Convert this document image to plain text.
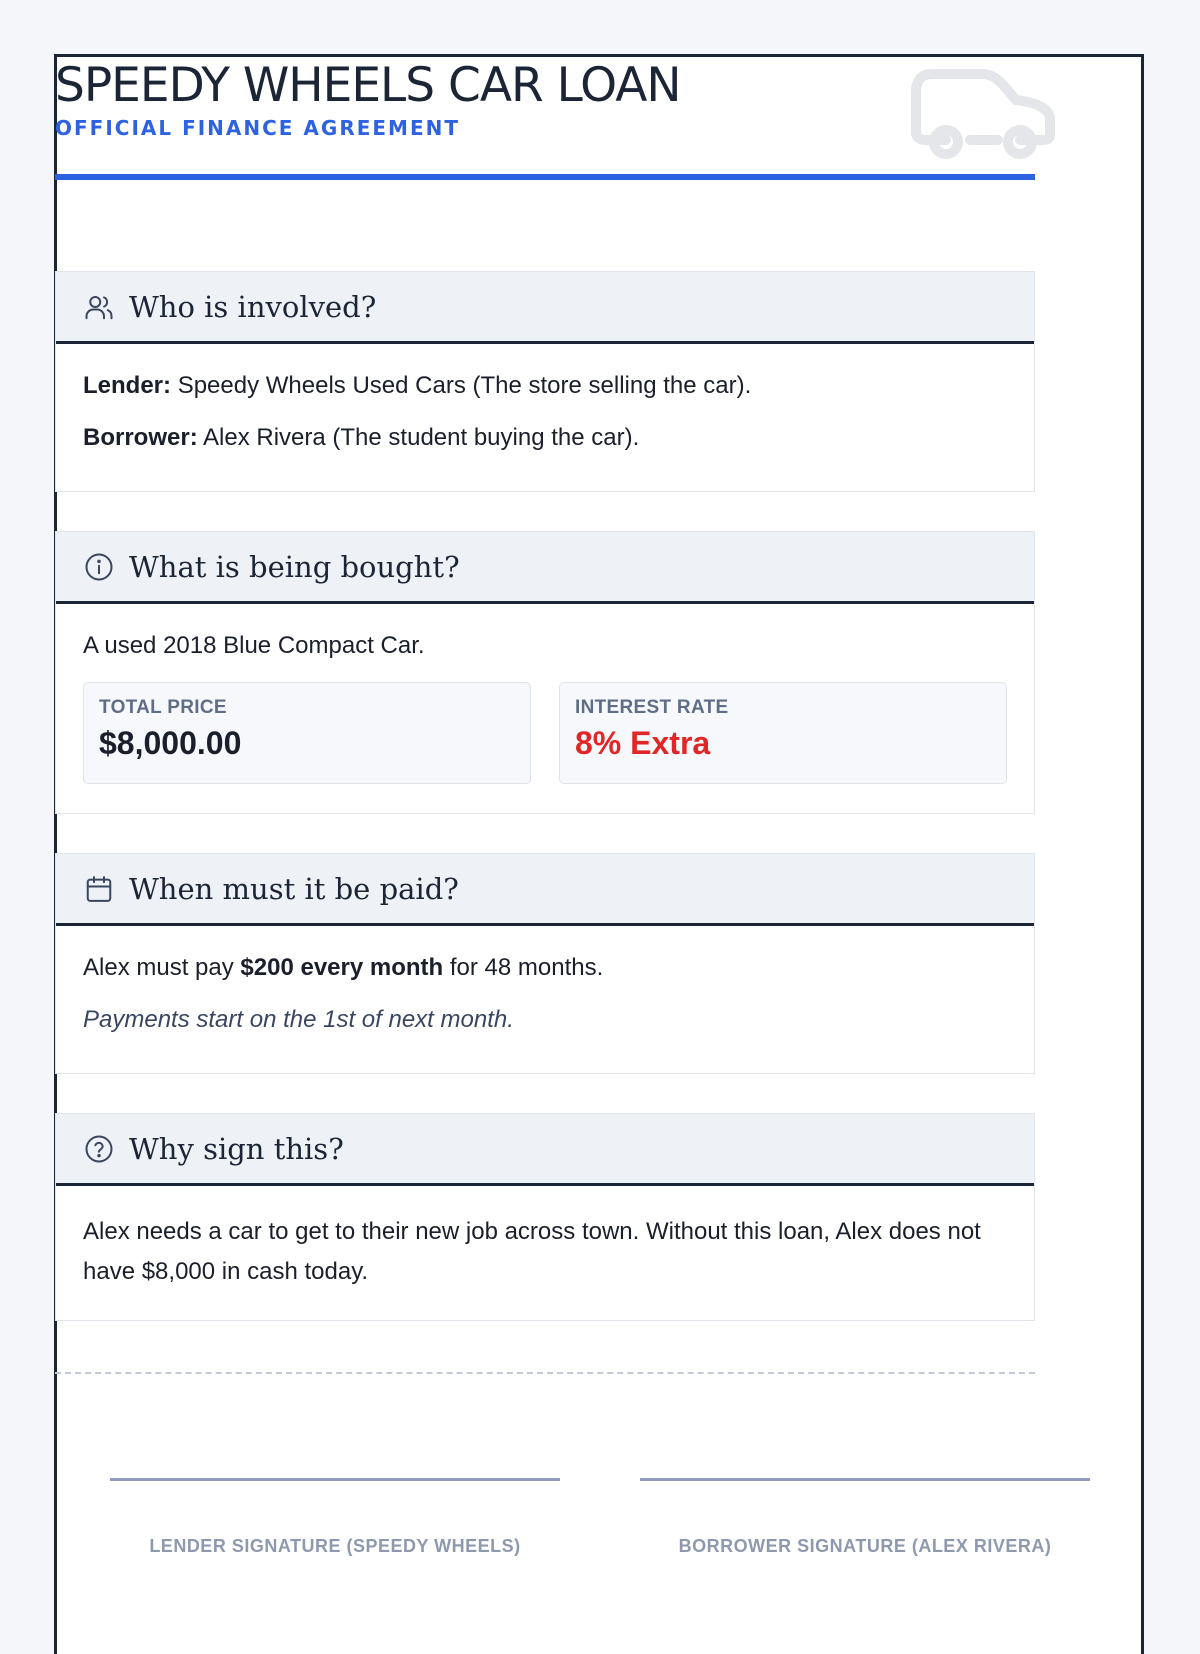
SPEEDY WHEELS CAR LOAN
OFFICIAL FINANCE AGREEMENT
Who is involved?
Lender: Speedy Wheels Used Cars (The store selling the car).
Borrower: Alex Rivera (The student buying the car).
What is being bought?
A used 2018 Blue Compact Car.
TOTAL PRICE
$8,000.00
INTEREST RATE
8% Extra
When must it be paid?
Alex must pay $200 every month for 48 months.
Payments start on the 1st of next month.
Why sign this?
Alex needs a car to get to their new job across town. Without this loan, Alex does not have $8,000 in cash today.
LENDER SIGNATURE (SPEEDY WHEELS)	BORROWER SIGNATURE (ALEX RIVERA)
